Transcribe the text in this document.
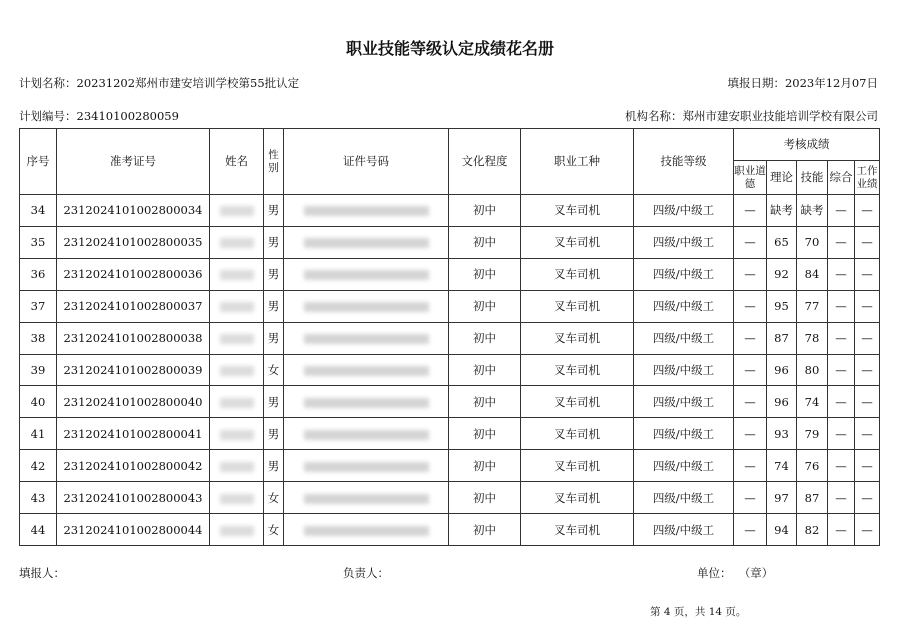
职业技能等级认定成绩花名册
计划名称：20231202郑州市建安培训学校第55批认定	填报日期：2023年12月07日
计划编号：23410100280059	机构名称：郑州市建安职业技能培训学校有限公司
序号	准考证号	姓名	性别	证件号码	文化程度	职业工种	技能等级	考核成绩				
								职业道德	理论	技能	综合	工作业绩
34	2312024101002800034		男		初中	叉车司机	四级/中级工	—	缺考	缺考	—	—
35	2312024101002800035		男		初中	叉车司机	四级/中级工	—	65	70	—	—
36	2312024101002800036		男		初中	叉车司机	四级/中级工	—	92	84	—	—
37	2312024101002800037		男		初中	叉车司机	四级/中级工	—	95	77	—	—
38	2312024101002800038		男		初中	叉车司机	四级/中级工	—	87	78	—	—
39	2312024101002800039		女		初中	叉车司机	四级/中级工	—	96	80	—	—
40	2312024101002800040		男		初中	叉车司机	四级/中级工	—	96	74	—	—
41	2312024101002800041		男		初中	叉车司机	四级/中级工	—	93	79	—	—
42	2312024101002800042		男		初中	叉车司机	四级/中级工	—	74	76	—	—
43	2312024101002800043		女		初中	叉车司机	四级/中级工	—	97	87	—	—
44	2312024101002800044		女		初中	叉车司机	四级/中级工	—	94	82	—	—
填报人：	负责人：	单位： （章）
第 4 页，共 14 页。
